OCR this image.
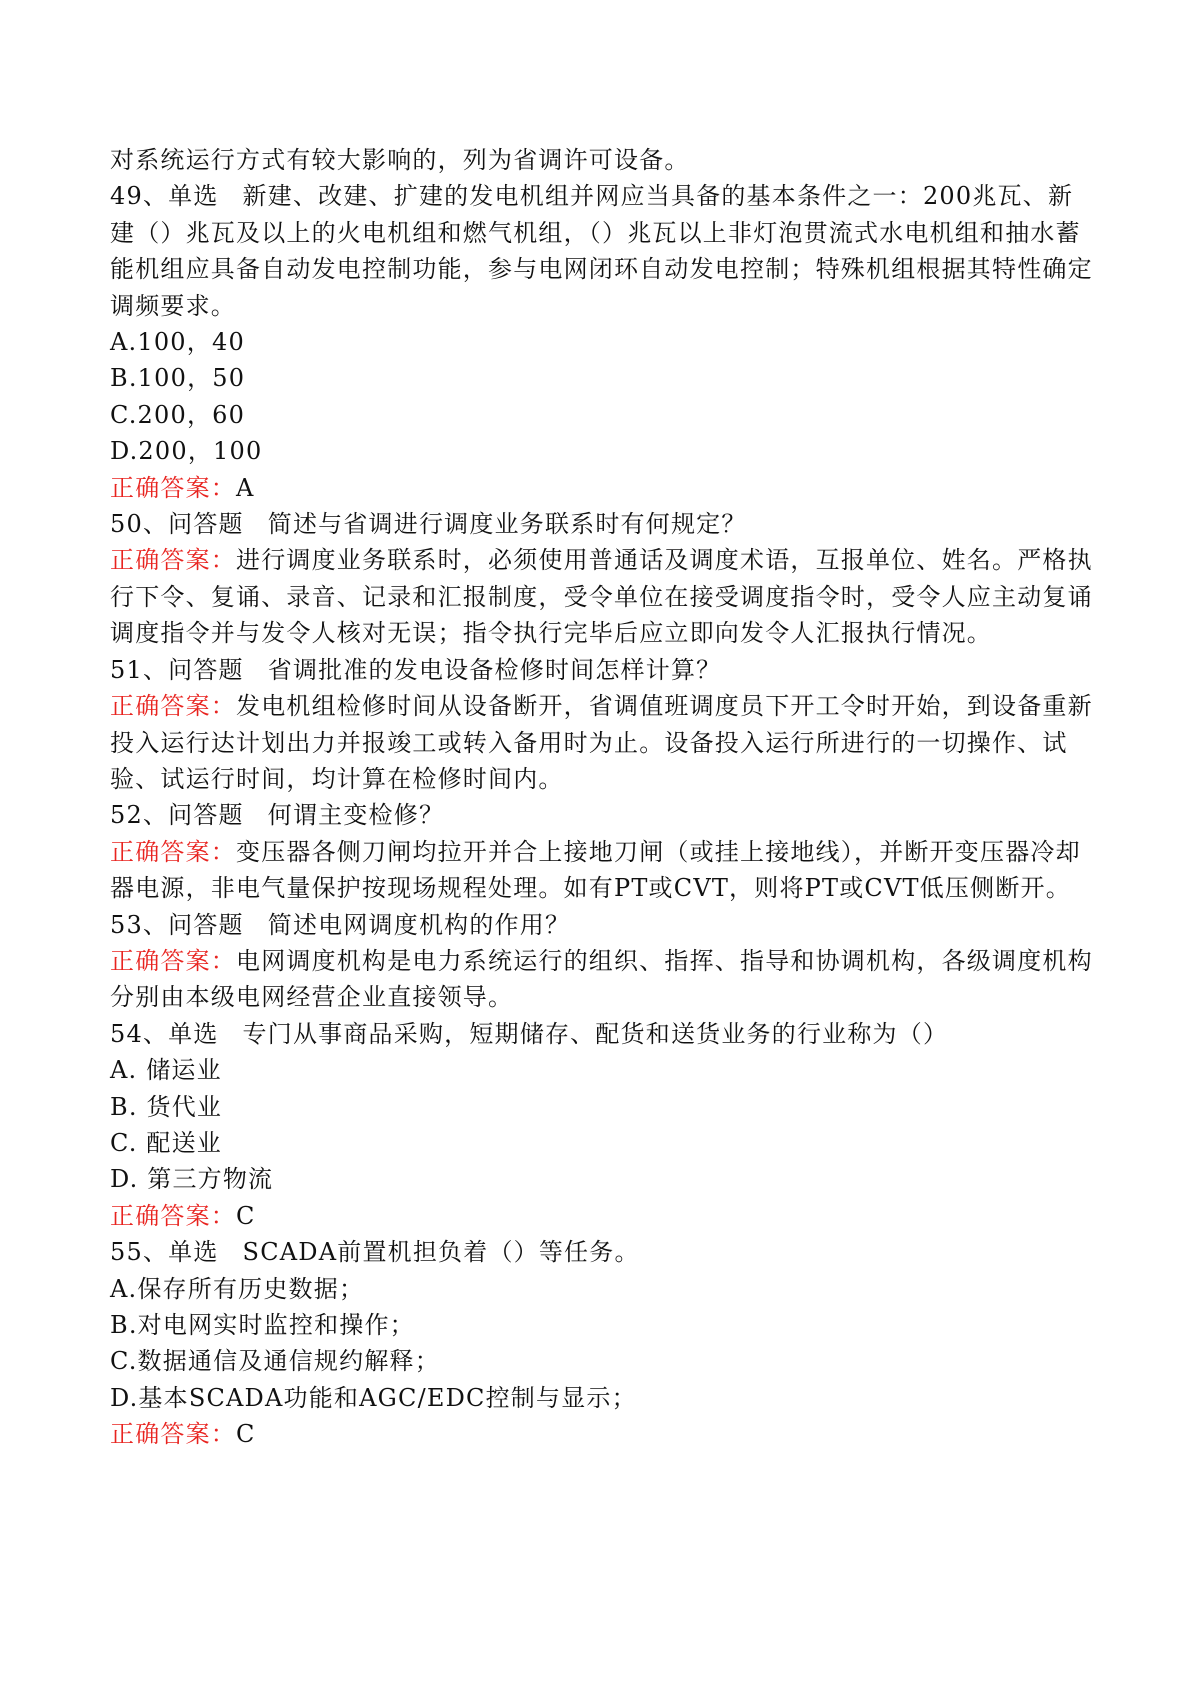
对系统运行方式有较大影响的，列为省调许可设备。
49、单选 新建、改建、扩建的发电机组并网应当具备的基本条件之一：200兆瓦、新建（）兆瓦及以上的火电机组和燃气机组，（）兆瓦以上非灯泡贯流式水电机组和抽水蓄能机组应具备自动发电控制功能，参与电网闭环自动发电控制；特殊机组根据其特性确定调频要求。
A.100，40
B.100，50
C.200，60
D.200，100
正确答案：A
50、问答题 简述与省调进行调度业务联系时有何规定？
正确答案：进行调度业务联系时，必须使用普通话及调度术语，互报单位、姓名。严格执行下令、复诵、录音、记录和汇报制度，受令单位在接受调度指令时，受令人应主动复诵调度指令并与发令人核对无误；指令执行完毕后应立即向发令人汇报执行情况。
51、问答题 省调批准的发电设备检修时间怎样计算？
正确答案：发电机组检修时间从设备断开，省调值班调度员下开工令时开始，到设备重新投入运行达计划出力并报竣工或转入备用时为止。设备投入运行所进行的一切操作、试验、试运行时间，均计算在检修时间内。
52、问答题 何谓主变检修？
正确答案：变压器各侧刀闸均拉开并合上接地刀闸（或挂上接地线），并断开变压器冷却器电源，非电气量保护按现场规程处理。如有PT或CVT，则将PT或CVT低压侧断开。
53、问答题 简述电网调度机构的作用？
正确答案：电网调度机构是电力系统运行的组织、指挥、指导和协调机构，各级调度机构分别由本级电网经营企业直接领导。
54、单选 专门从事商品采购，短期储存、配货和送货业务的行业称为（）
A. 储运业
B. 货代业
C. 配送业
D. 第三方物流
正确答案：C
55、单选 SCADA前置机担负着（）等任务。
A.保存所有历史数据；
B.对电网实时监控和操作；
C.数据通信及通信规约解释；
D.基本SCADA功能和AGC/EDC控制与显示；
正确答案：C
